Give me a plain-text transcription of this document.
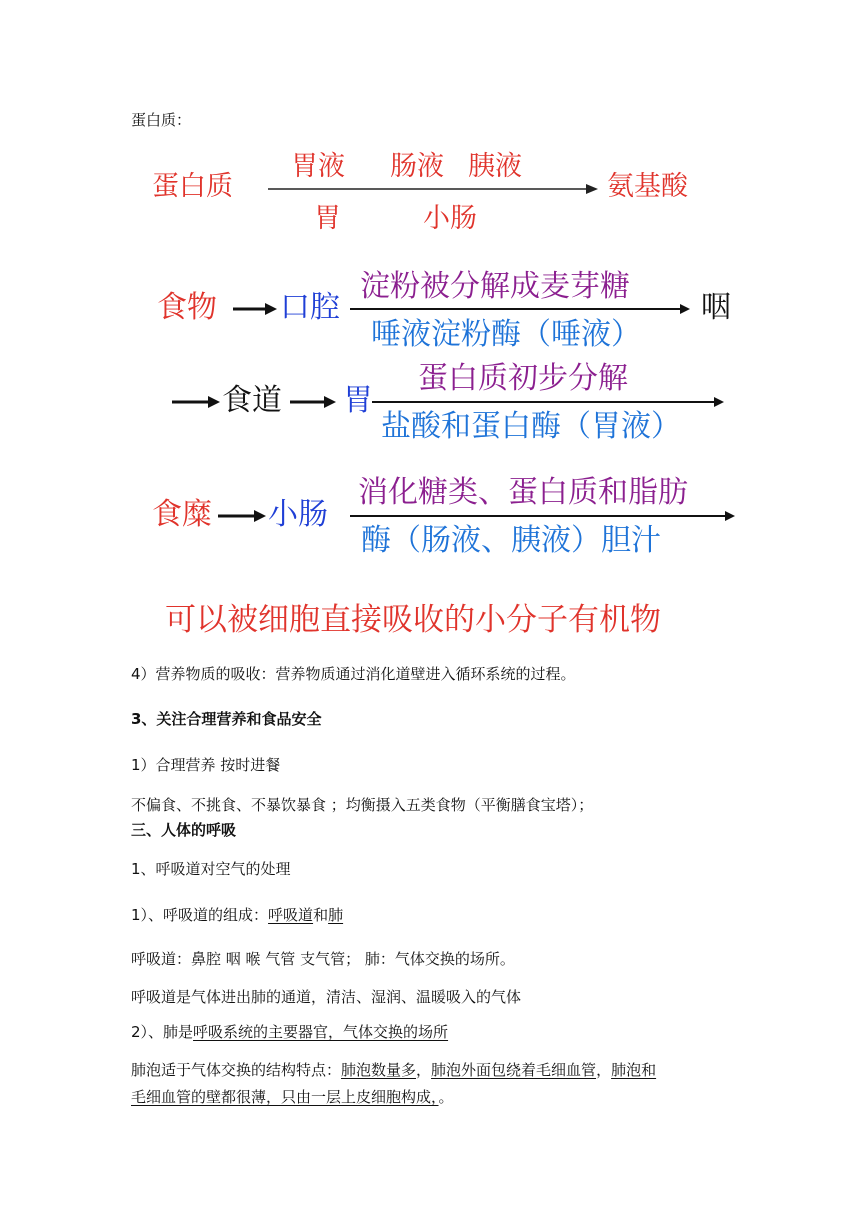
蛋白质：
蛋白质
胃液 肠液 胰液
胃	小肠
氨基酸
食物 口腔
淀粉被分解成麦芽糖
唾液淀粉酶（唾液）
咽
食道 胃
蛋白质初步分解
盐酸和蛋白酶（胃液）
食糜 小肠
消化糖类、蛋白质和脂肪
酶（肠液、胰液）胆汁
可以被细胞直接吸收的小分子有机物
4）营养物质的吸收：营养物质通过消化道壁进入循环系统的过程。
3、关注合理营养和食品安全
1）合理营养 按时进餐
不偏食、不挑食、不暴饮暴食 ；均衡摄入五类食物（平衡膳食宝塔）；
三、人体的呼吸
1、呼吸道对空气的处理
1）、呼吸道的组成：呼吸道和肺
呼吸道：鼻腔 咽 喉 气管 支气管； 肺：气体交换的场所。
呼吸道是气体进出肺的通道，清洁、湿润、温暖吸入的气体
2）、肺是呼吸系统的主要器官，气体交换的场所
肺泡适于气体交换的结构特点：肺泡数量多，肺泡外面包绕着毛细血管，肺泡和
毛细血管的壁都很薄，只由一层上皮细胞构成，。
